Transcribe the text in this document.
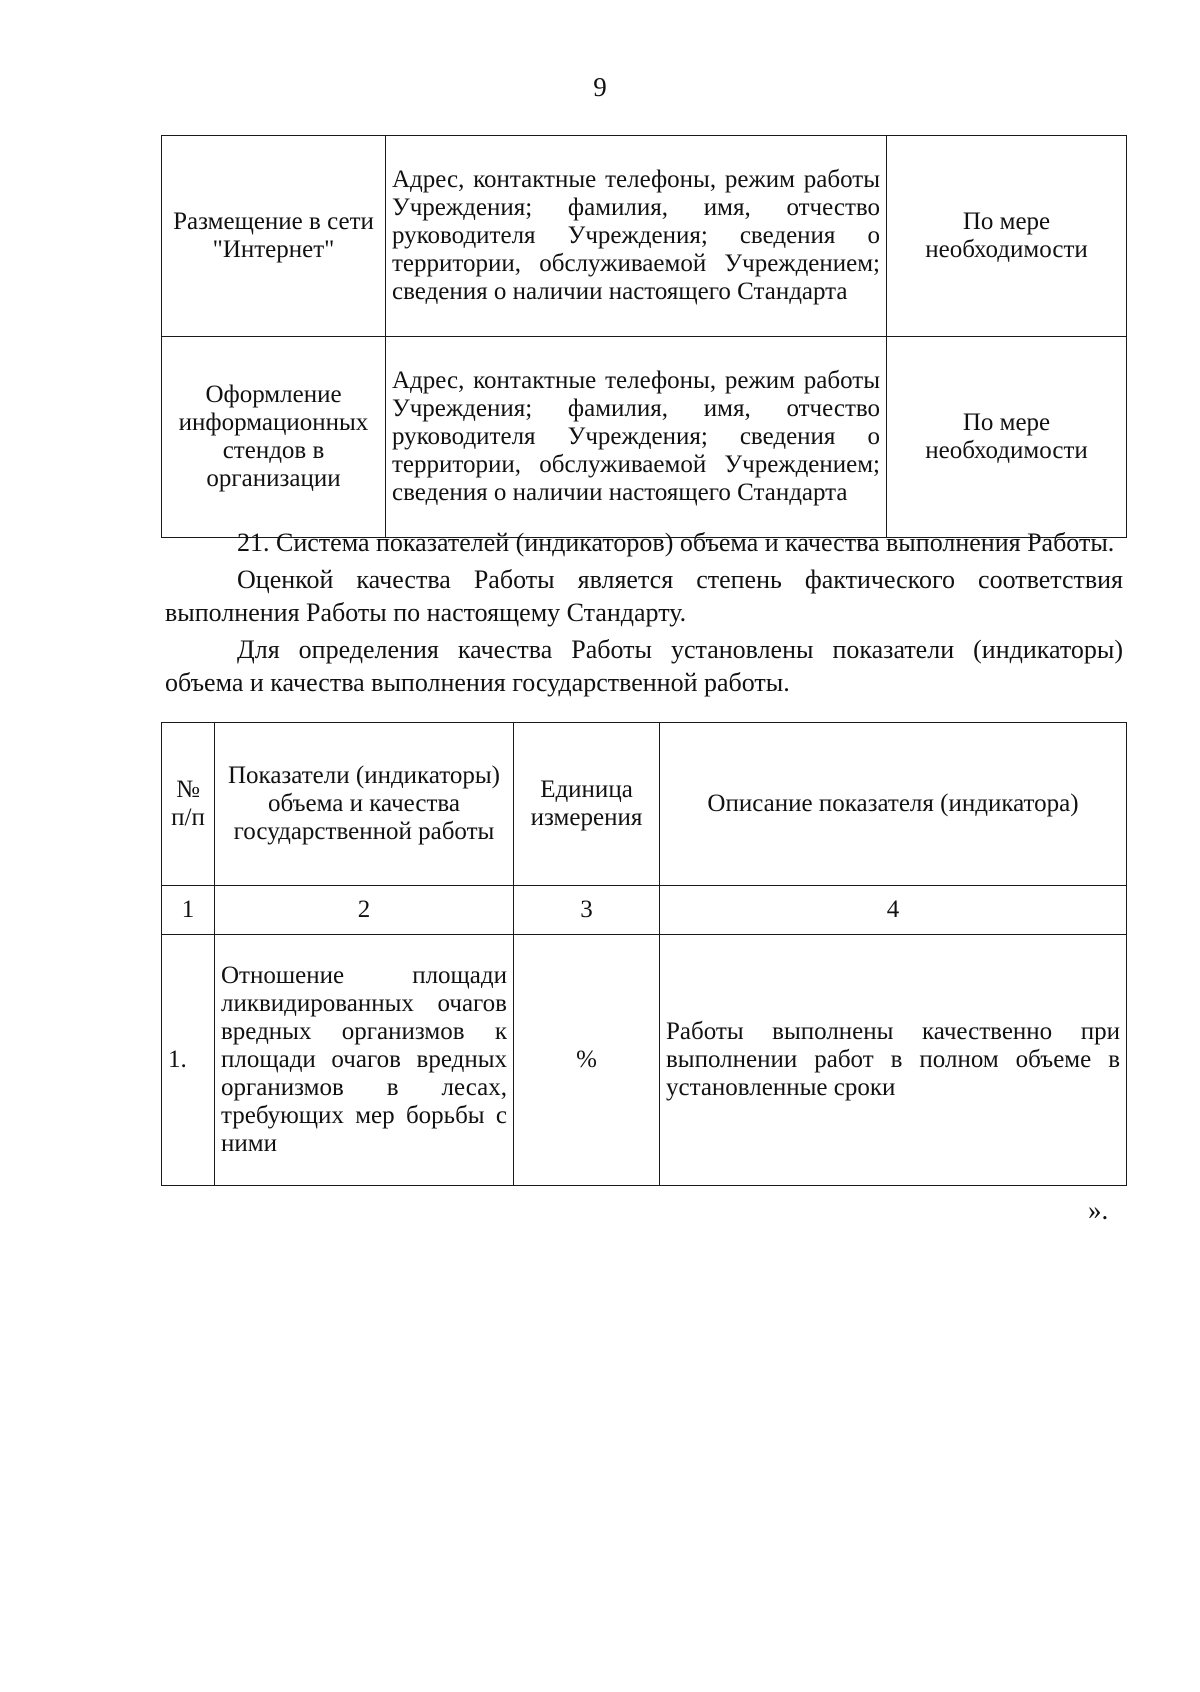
9
Размещение в сети "Интернет"	Адрес, контактные телефоны, режим работы Учреждения; фамилия, имя, отчество руководителя Учреждения; сведения о территории, обслуживаемой Учреждением; сведения о наличии настоящего Стандарта	По мере необходимости
Оформление информационных стендов в организации	Адрес, контактные телефоны, режим работы Учреждения; фамилия, имя, отчество руководителя Учреждения; сведения о территории, обслуживаемой Учреждением; сведения о наличии настоящего Стандарта	По мере необходимости

21. Система показателей (индикаторов) объема и качества выполнения Работы.

Оценкой качества Работы является степень фактического соответствия выполнения Работы по настоящему Стандарту.

Для определения качества Работы установлены показатели (индикаторы) объема и качества выполнения государственной работы.

№ п/п	Показатели (индикаторы) объема и качества государственной работы	Единица измерения	Описание показателя (индикатора)
1	2	3	4
1.	Отношение площади ликвидированных очагов вредных организмов к площади очагов вредных организмов в лесах, требующих мер борьбы с ними	%	Работы выполнены качественно при выполнении работ в полном объеме в установленные сроки
».
